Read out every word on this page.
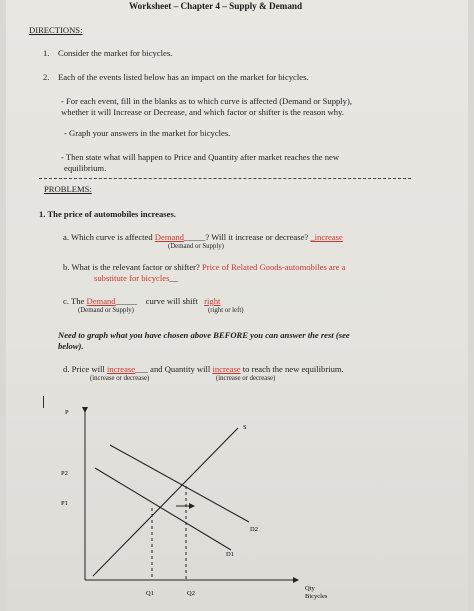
Worksheet – Chapter 4 – Supply & Demand
DIRECTIONS:
1. Consider the market for bicycles.
2. Each of the events listed below has an impact on the market for bicycles.
- For each event, fill in the blanks as to which curve is affected (Demand or Supply),
whether it will Increase or Decrease, and which factor or shifter is the reason why.
- Graph your answers in the market for bicycles.
- Then state what will happen to Price and Quantity after market reaches the new
equilibrium.
PROBLEMS:
1. The price of automobiles increases.
a. Which curve is affected Demand_____? Will it increase or decrease? _increase
(Demand or Supply)
b. What is the relevant factor or shifter? Price of Related Goods-automobiles are a
substitute for bicycles__
c. The Demand_____ curve will shift right
(Demand or Supply)	(right or left)
Need to graph what you have chosen above BEFORE you can answer the rest (see
below).
d. Price will increase___ and Quantity will increase to reach the new equilibrium.
(increase or decrease)	(increase or decrease)
P
S
P2
P1
D2
D1
Q1	Q2
Qty
Bicycles
